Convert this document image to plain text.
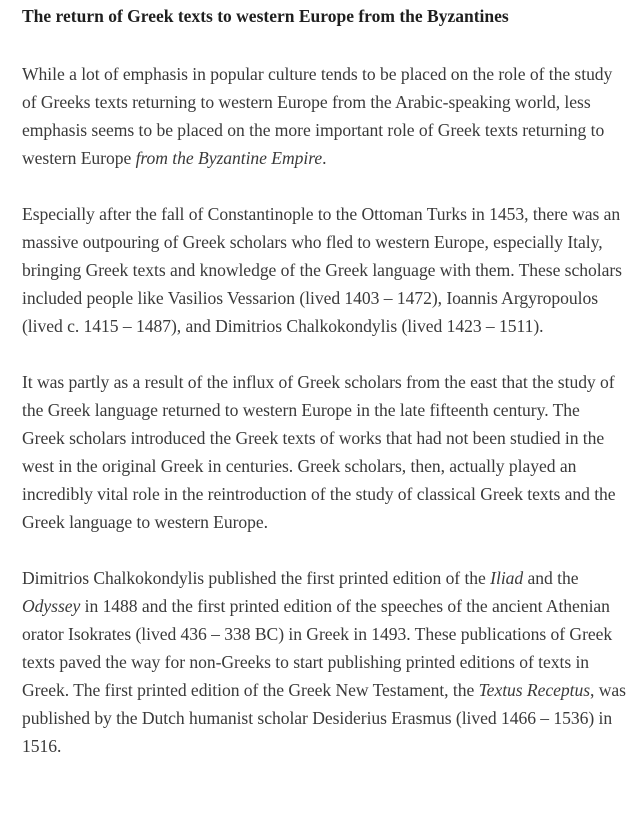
The return of Greek texts to western Europe from the Byzantines

While a lot of emphasis in popular culture tends to be placed on the role of the study of Greeks texts returning to western Europe from the Arabic-speaking world, less emphasis seems to be placed on the more important role of Greek texts returning to western Europe from the Byzantine Empire.

Especially after the fall of Constantinople to the Ottoman Turks in 1453, there was an massive outpouring of Greek scholars who fled to western Europe, especially Italy, bringing Greek texts and knowledge of the Greek language with them. These scholars included people like Vasilios Vessarion (lived 1403 – 1472), Ioannis Argyropoulos (lived c. 1415 – 1487), and Dimitrios Chalkokondylis (lived 1423 – 1511).

It was partly as a result of the influx of Greek scholars from the east that the study of the Greek language returned to western Europe in the late fifteenth century. The Greek scholars introduced the Greek texts of works that had not been studied in the west in the original Greek in centuries. Greek scholars, then, actually played an incredibly vital role in the reintroduction of the study of classical Greek texts and the Greek language to western Europe.

Dimitrios Chalkokondylis published the first printed edition of the Iliad and the Odyssey in 1488 and the first printed edition of the speeches of the ancient Athenian orator Isokrates (lived 436 – 338 BC) in Greek in 1493. These publications of Greek texts paved the way for non-Greeks to start publishing printed editions of texts in Greek. The first printed edition of the Greek New Testament, the Textus Receptus, was published by the Dutch humanist scholar Desiderius Erasmus (lived 1466 – 1536) in 1516.
